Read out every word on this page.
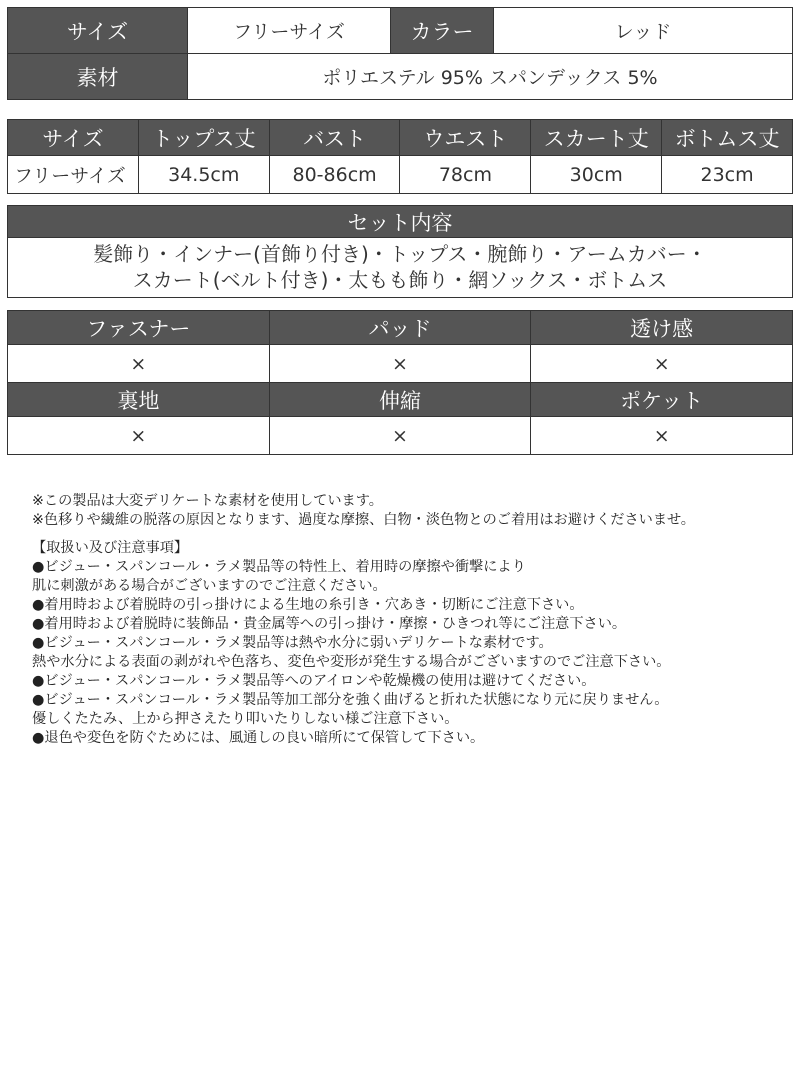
サイズ	フリーサイズ	カラー	レッド
素材	ポリエステル 95% スパンデックス 5%		
サイズ	トップス丈	バスト	ウエスト	スカート丈	ボトムス丈
フリーサイズ	34.5cm	80-86cm	78cm	30cm	23cm
セット内容

髪飾り・インナー(首飾り付き)・トップス・腕飾り・アームカバー・
スカート(ベルト付き)・太もも飾り・網ソックス・ボトムス
ファスナー	パッド	透け感
×	×	×
裏地	伸縮	ポケット
×	×	×
※この製品は大変デリケートな素材を使用しています。
※色移りや繊維の脱落の原因となります、過度な摩擦、白物・淡色物とのご着用はお避けくださいませ。
【取扱い及び注意事項】
●ビジュー・スパンコール・ラメ製品等の特性上、着用時の摩擦や衝撃により
肌に刺激がある場合がございますのでご注意ください。
●着用時および着脱時の引っ掛けによる生地の糸引き・穴あき・切断にご注意下さい。
●着用時および着脱時に装飾品・貴金属等への引っ掛け・摩擦・ひきつれ等にご注意下さい。
●ビジュー・スパンコール・ラメ製品等は熱や水分に弱いデリケートな素材です。
熱や水分による表面の剥がれや色落ち、変色や変形が発生する場合がございますのでご注意下さい。
●ビジュー・スパンコール・ラメ製品等へのアイロンや乾燥機の使用は避けてください。
●ビジュー・スパンコール・ラメ製品等加工部分を強く曲げると折れた状態になり元に戻りません。
優しくたたみ、上から押さえたり叩いたりしない様ご注意下さい。
●退色や変色を防ぐためには、風通しの良い暗所にて保管して下さい。
